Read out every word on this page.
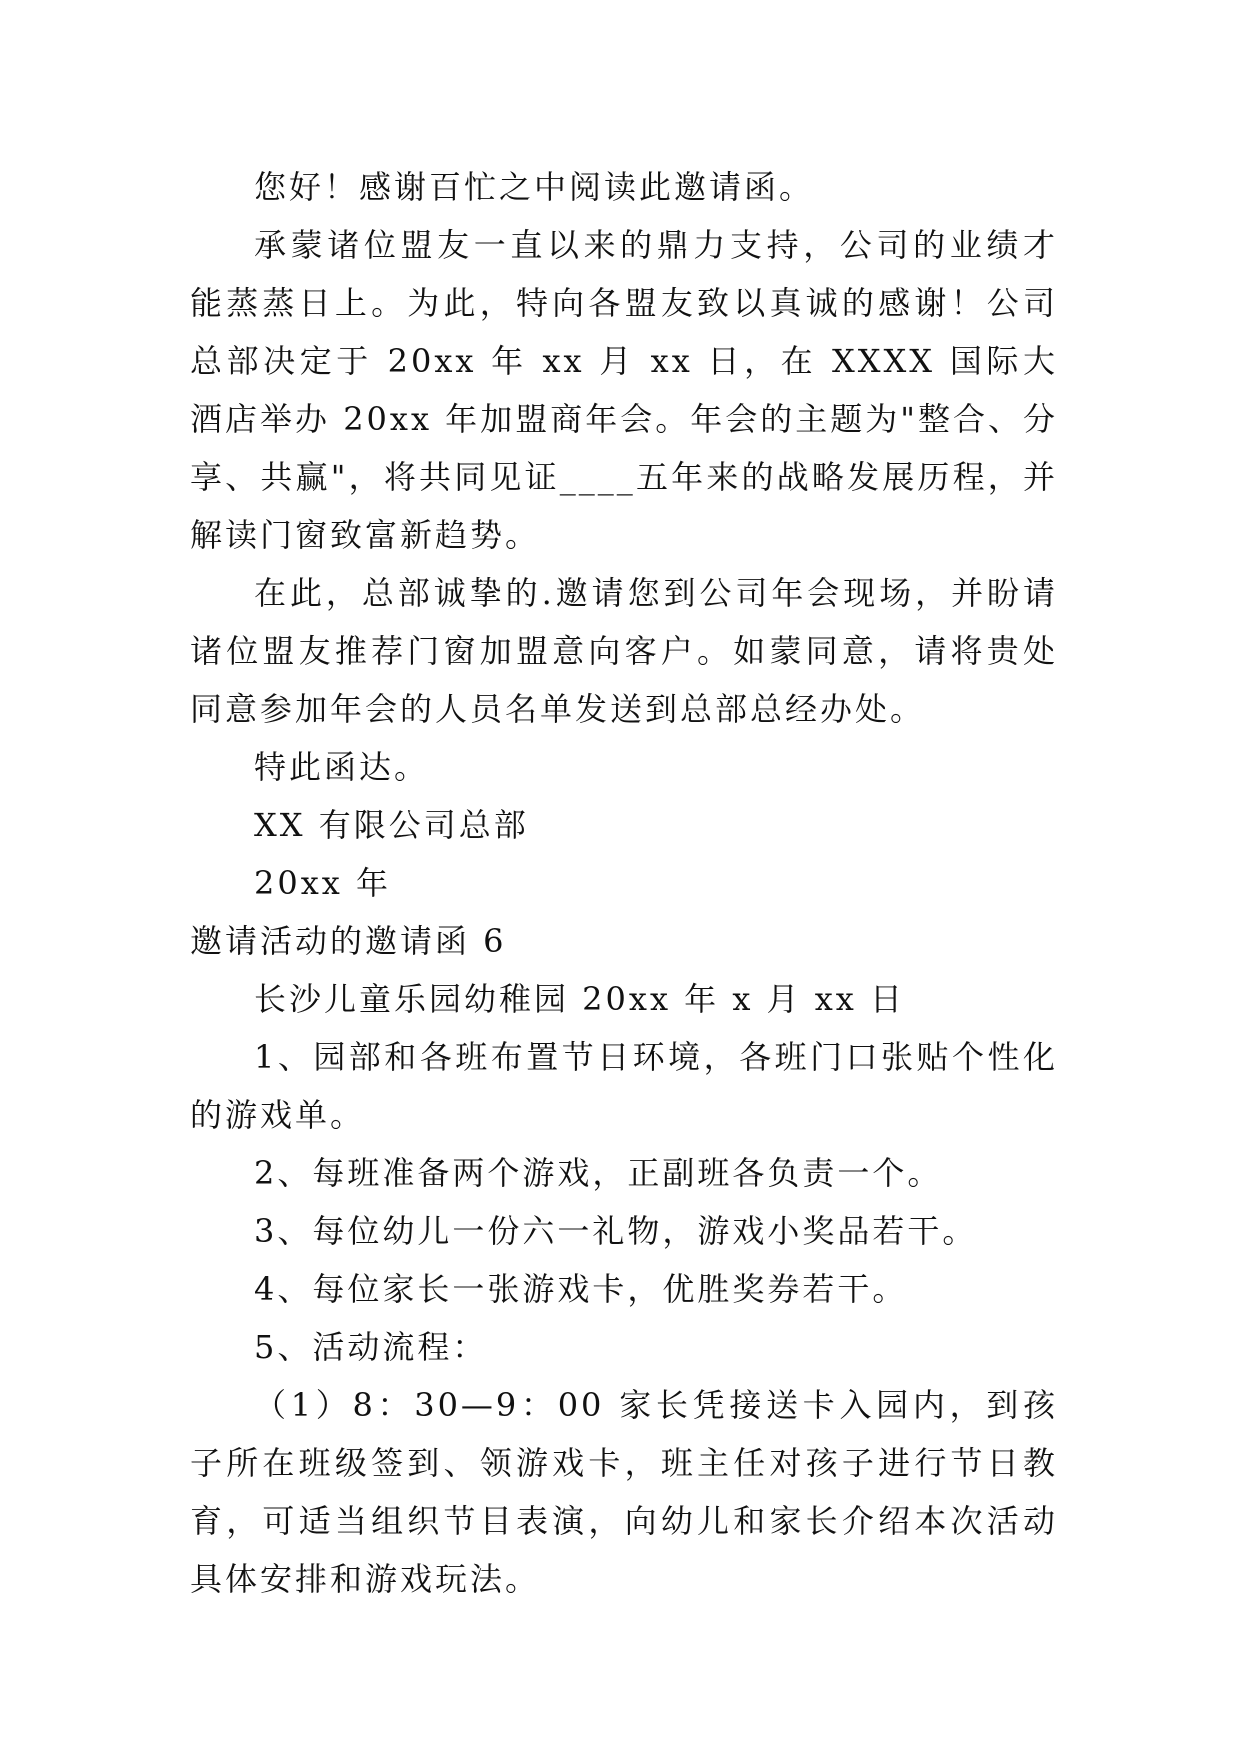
您好！感谢百忙之中阅读此邀请函。

承蒙诸位盟友一直以来的鼎力支持，公司的业绩才能蒸蒸日上。为此，特向各盟友致以真诚的感谢！公司总部决定于 20xx 年 xx 月 xx 日，在 XXXX 国际大酒店举办 20xx 年加盟商年会。年会的主题为"整合、分享、共赢"，将共同见证____五年来的战略发展历程，并解读门窗致富新趋势。

在此，总部诚挚的.邀请您到公司年会现场，并盼请诸位盟友推荐门窗加盟意向客户。如蒙同意，请将贵处同意参加年会的人员名单发送到总部总经办处。

特此函达。

XX 有限公司总部

20xx 年

邀请活动的邀请函 6

长沙儿童乐园幼稚园 20xx 年 x 月 xx 日

1、园部和各班布置节日环境，各班门口张贴个性化的游戏单。

2、每班准备两个游戏，正副班各负责一个。

3、每位幼儿一份六一礼物，游戏小奖品若干。

4、每位家长一张游戏卡，优胜奖券若干。

5、活动流程：

（1）8：30—9：00 家长凭接送卡入园内，到孩子所在班级签到、领游戏卡，班主任对孩子进行节日教育，可适当组织节目表演，向幼儿和家长介绍本次活动具体安排和游戏玩法。
